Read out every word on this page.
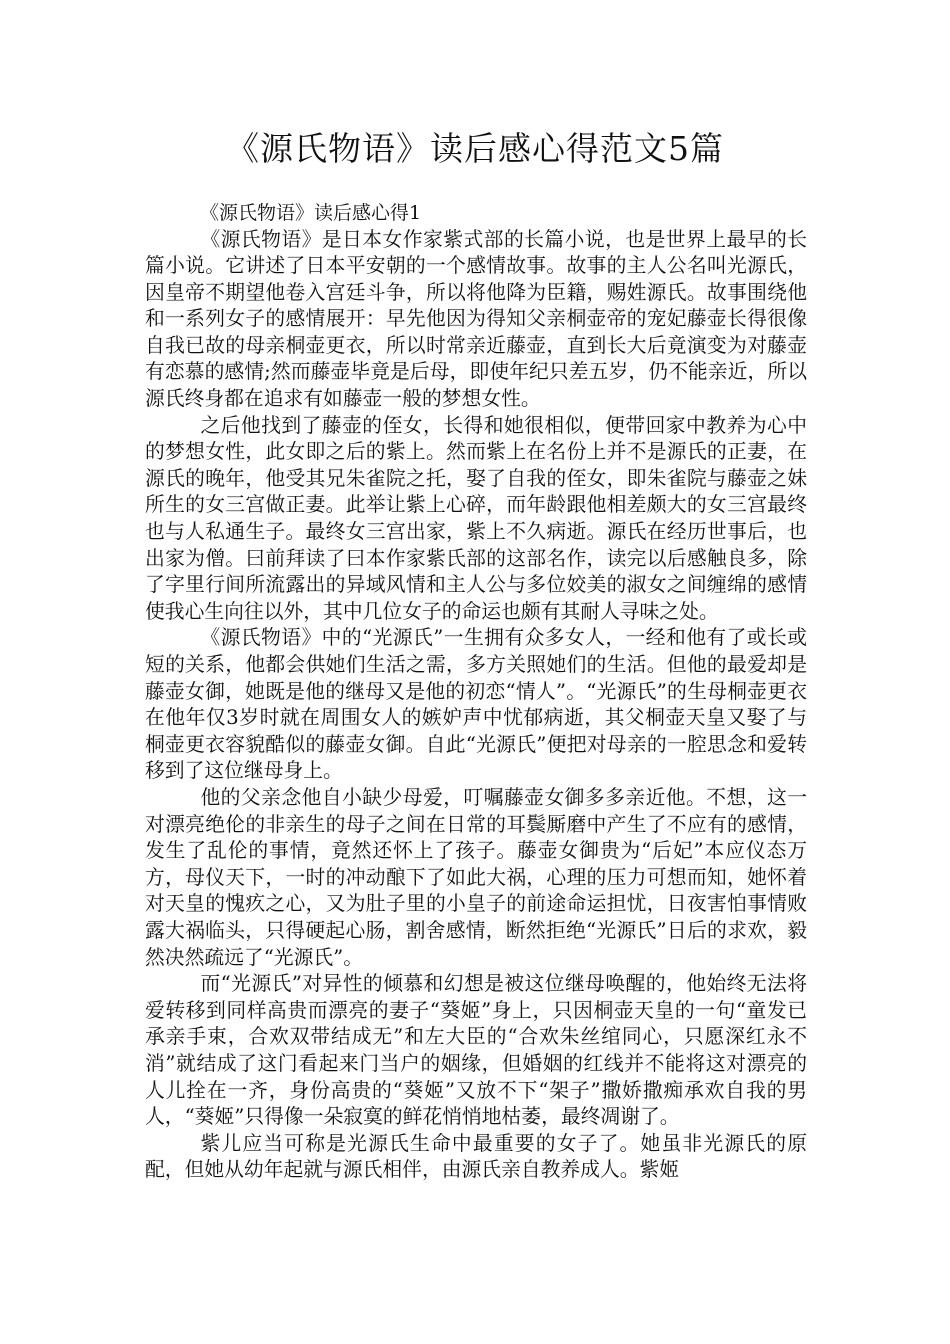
《源氏物语》读后感心得范文5篇

《源氏物语》读后感心得1

《源氏物语》是日本女作家紫式部的长篇小说，也是世界上最早的长篇小说。它讲述了日本平安朝的一个感情故事。故事的主人公名叫光源氏，因皇帝不期望他卷入宫廷斗争，所以将他降为臣籍，赐姓源氏。故事围绕他和一系列女子的感情展开：早先他因为得知父亲桐壶帝的宠妃藤壶长得很像自我已故的母亲桐壶更衣，所以时常亲近藤壶，直到长大后竟演变为对藤壶有恋慕的感情;然而藤壶毕竟是后母，即使年纪只差五岁，仍不能亲近，所以源氏终身都在追求有如藤壶一般的梦想女性。

之后他找到了藤壶的侄女，长得和她很相似，便带回家中教养为心中的梦想女性，此女即之后的紫上。然而紫上在名份上并不是源氏的正妻，在源氏的晚年，他受其兄朱雀院之托，娶了自我的侄女，即朱雀院与藤壶之妹所生的女三宫做正妻。此举让紫上心碎，而年龄跟他相差颇大的女三宫最终也与人私通生子。最终女三宫出家，紫上不久病逝。源氏在经历世事后，也出家为僧。曰前拜读了曰本作家紫氏部的这部名作，读完以后感触良多，除了字里行间所流露出的异域风情和主人公与多位姣美的淑女之间缠绵的感情使我心生向往以外，其中几位女子的命运也颇有其耐人寻味之处。

《源氏物语》中的“光源氏”一生拥有众多女人，一经和他有了或长或短的关系，他都会供她们生活之需，多方关照她们的生活。但他的最爱却是藤壶女御，她既是他的继母又是他的初恋“情人”。“光源氏”的生母桐壶更衣在他年仅3岁时就在周围女人的嫉妒声中忧郁病逝，其父桐壶天皇又娶了与桐壶更衣容貌酷似的藤壶女御。自此“光源氏”便把对母亲的一腔思念和爱转移到了这位继母身上。

他的父亲念他自小缺少母爱，叮嘱藤壶女御多多亲近他。不想，这一对漂亮绝伦的非亲生的母子之间在日常的耳鬓厮磨中产生了不应有的感情，发生了乱伦的事情，竟然还怀上了孩子。藤壶女御贵为“后妃”本应仪态万方，母仪天下，一时的冲动酿下了如此大祸，心理的压力可想而知，她怀着对天皇的愧疚之心，又为肚子里的小皇子的前途命运担忧，日夜害怕事情败露大祸临头，只得硬起心肠，割舍感情，断然拒绝“光源氏”日后的求欢，毅然决然疏远了“光源氏”。

而“光源氏”对异性的倾慕和幻想是被这位继母唤醒的，他始终无法将爱转移到同样高贵而漂亮的妻子“葵姬”身上，只因桐壶天皇的一句“童发已承亲手束，合欢双带结成无”和左大臣的“合欢朱丝绾同心，只愿深红永不消”就结成了这门看起来门当户的姻缘，但婚姻的红线并不能将这对漂亮的人儿拴在一齐，身份高贵的“葵姬”又放不下“架子”撒娇撒痴承欢自我的男人，“葵姬”只得像一朵寂寞的鲜花悄悄地枯萎，最终凋谢了。

紫儿应当可称是光源氏生命中最重要的女子了。她虽非光源氏的原配，但她从幼年起就与源氏相伴，由源氏亲自教养成人。紫姬
